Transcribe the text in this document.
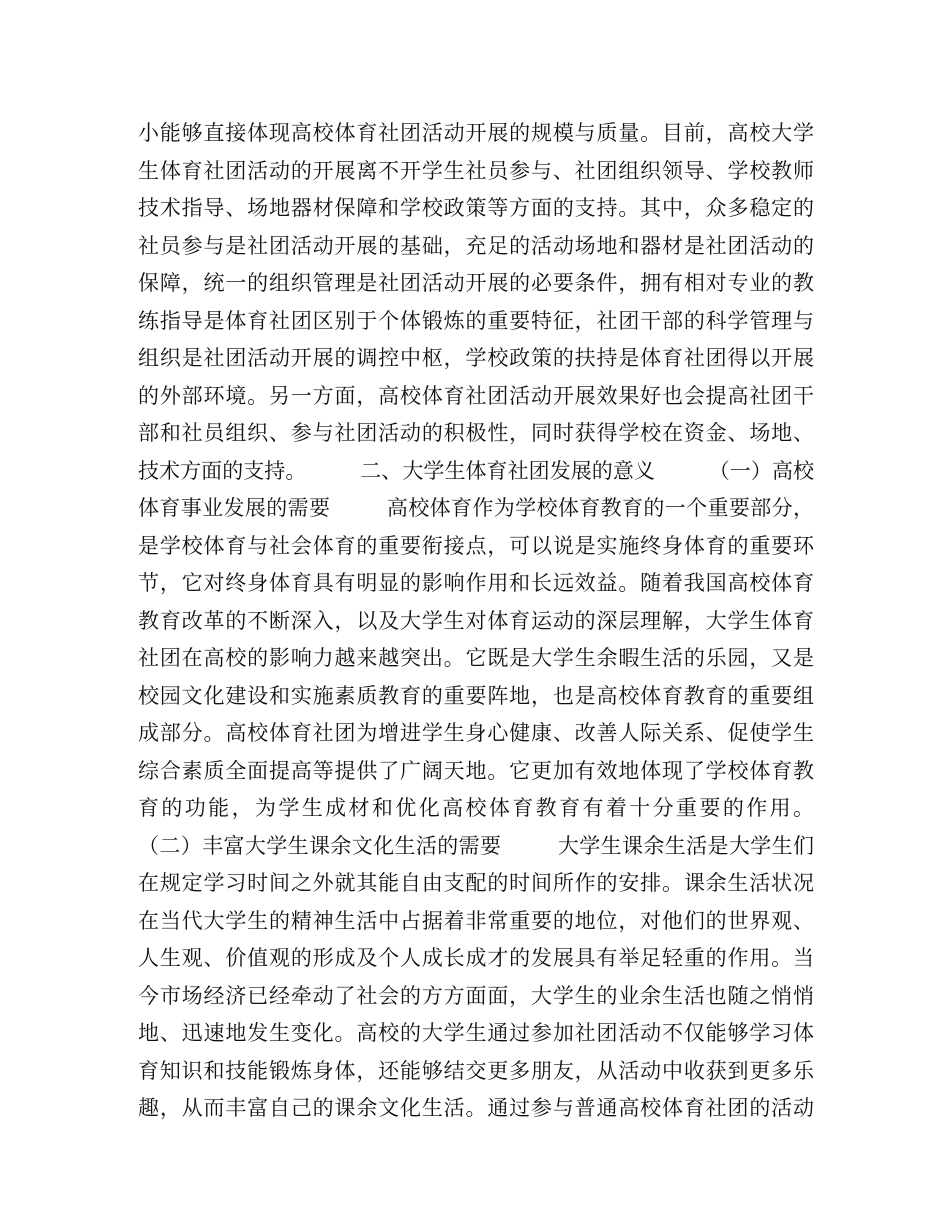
小能够直接体现高校体育社团活动开展的规模与质量。目前，高校大学
生体育社团活动的开展离不开学生社员参与、社团组织领导、学校教师
技术指导、场地器材保障和学校政策等方面的支持。其中，众多稳定的
社员参与是社团活动开展的基础，充足的活动场地和器材是社团活动的
保障，统一的组织管理是社团活动开展的必要条件，拥有相对专业的教
练指导是体育社团区别于个体锻炼的重要特征，社团干部的科学管理与
组织是社团活动开展的调控中枢，学校政策的扶持是体育社团得以开展
的外部环境。另一方面，高校体育社团活动开展效果好也会提高社团干
部和社员组织、参与社团活动的积极性，同时获得学校在资金、场地、
技术方面的支持。        二、大学生体育社团发展的意义        （一）高校
体育事业发展的需要        高校体育作为学校体育教育的一个重要部分，
是学校体育与社会体育的重要衔接点，可以说是实施终身体育的重要环
节，它对终身体育具有明显的影响作用和长远效益。随着我国高校体育
教育改革的不断深入，以及大学生对体育运动的深层理解，大学生体育
社团在高校的影响力越来越突出。它既是大学生余暇生活的乐园，又是
校园文化建设和实施素质教育的重要阵地，也是高校体育教育的重要组
成部分。高校体育社团为增进学生身心健康、改善人际关系、促使学生
综合素质全面提高等提供了广阔天地。它更加有效地体现了学校体育教
育的功能，为学生成材和优化高校体育教育有着十分重要的作用。
（二）丰富大学生课余文化生活的需要        大学生课余生活是大学生们
在规定学习时间之外就其能自由支配的时间所作的安排。课余生活状况
在当代大学生的精神生活中占据着非常重要的地位，对他们的世界观、
人生观、价值观的形成及个人成长成才的发展具有举足轻重的作用。当
今市场经济已经牵动了社会的方方面面，大学生的业余生活也随之悄悄
地、迅速地发生变化。高校的大学生通过参加社团活动不仅能够学习体
育知识和技能锻炼身体，还能够结交更多朋友，从活动中收获到更多乐
趣，从而丰富自己的课余文化生活。通过参与普通高校体育社团的活动
